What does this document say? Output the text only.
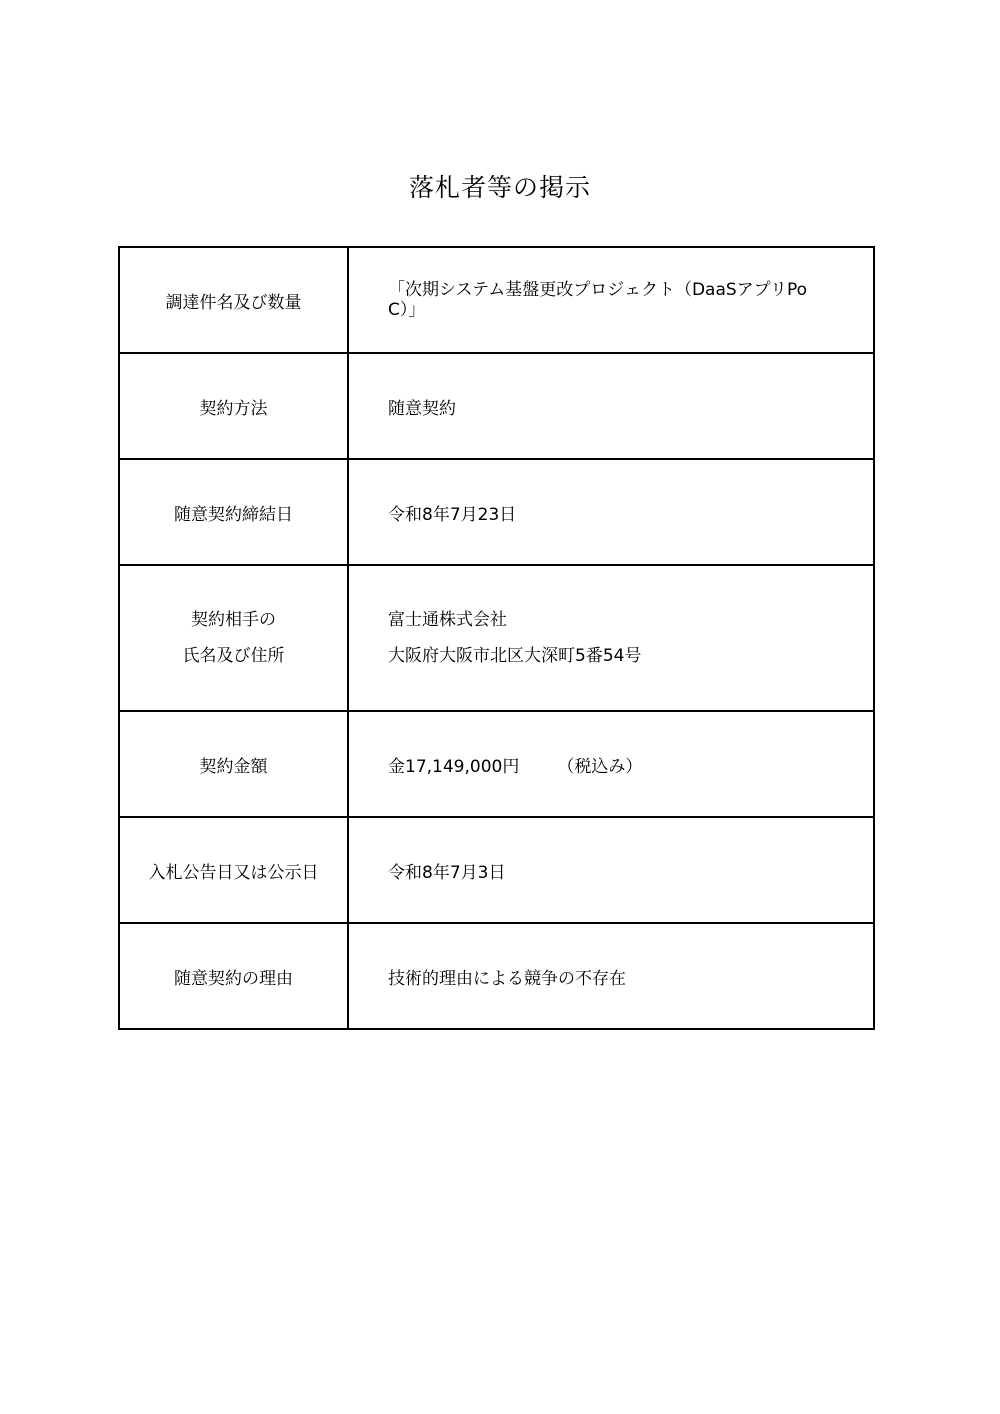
落札者等の掲示
調達件名及び数量	「次期システム基盤更改プロジェクト（DaaSアプリPoC）」

契約方法	随意契約
随意契約締結日	令和8年7月23日

契約相手の
氏名及び住所	富士通株式会社
大阪府大阪市北区大深町5番54号

契約金額	金17,149,000円 （税込み）
入札公告日又は公示日	令和8年7月3日
随意契約の理由	技術的理由による競争の不存在
